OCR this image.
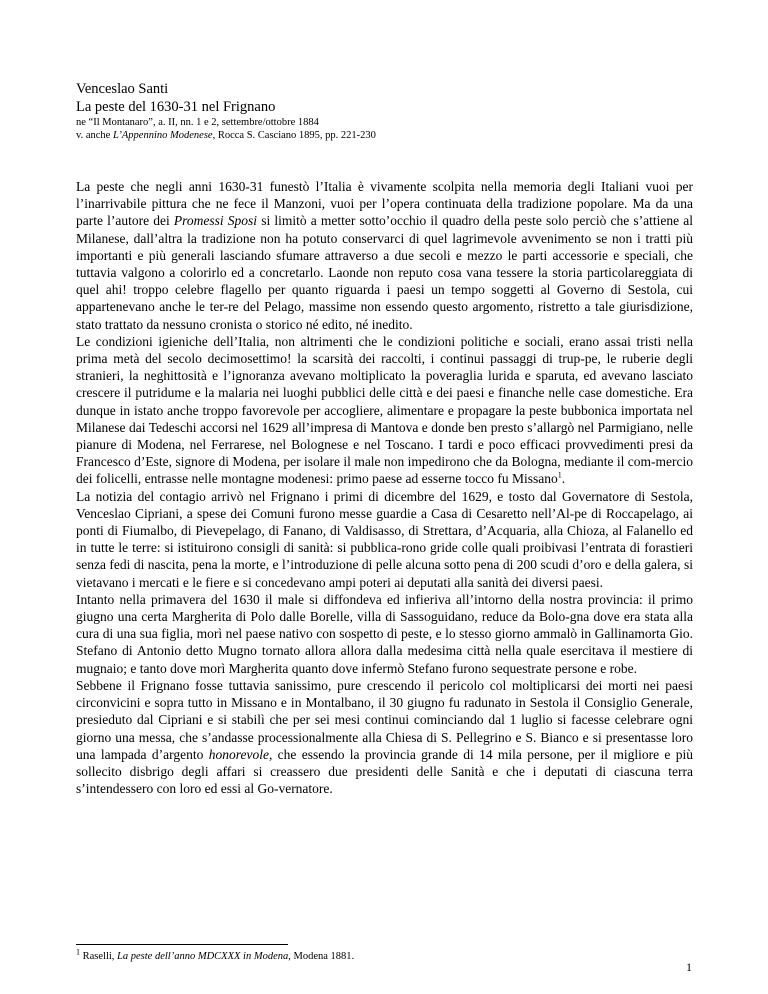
Venceslao Santi
La peste del 1630-31 nel Frignano
ne “Il Montanaro”, a. II, nn. 1 e 2, settembre/ottobre 1884
v. anche L’Appennino Modenese, Rocca S. Casciano 1895, pp. 221-230

La peste che negli anni 1630-31 funestò l’Italia è vivamente scolpita nella memoria degli Italiani vuoi per l’inarrivabile pittura che ne fece il Manzoni, vuoi per l’opera continuata della tradizione popolare. Ma da una parte l’autore dei Promessi Sposi si limitò a metter sotto’occhio il quadro della peste solo perciò che s’attiene al Milanese, dall’altra la tradizione non ha potuto conservarci di quel lagrimevole avvenimento se non i tratti più importanti e più generali lasciando sfumare attraverso a due secoli e mezzo le parti accessorie e speciali, che tuttavia valgono a colorirlo ed a concretarlo. Laonde non reputo cosa vana tessere la storia particolareggiata di quel ahi! troppo celebre flagello per quanto riguarda i paesi un tempo soggetti al Governo di Sestola, cui appartenevano anche le ter-re del Pelago, massime non essendo questo argomento, ristretto a tale giurisdizione, stato trattato da nessuno cronista o storico né edito, né inedito.

Le condizioni igieniche dell’Italia, non altrimenti che le condizioni politiche e sociali, erano assai tristi nella prima metà del secolo decimosettimo! la scarsità dei raccolti, i continui passaggi di trup-pe, le ruberie degli stranieri, la neghittosità e l’ignoranza avevano moltiplicato la poveraglia lurida e sparuta, ed avevano lasciato crescere il putridume e la malaria nei luoghi pubblici delle città e dei paesi e finanche nelle case domestiche. Era dunque in istato anche troppo favorevole per accogliere, alimentare e propagare la peste bubbonica importata nel Milanese dai Tedeschi accorsi nel 1629 all’impresa di Mantova e donde ben presto s’allargò nel Parmigiano, nelle pianure di Modena, nel Ferrarese, nel Bolognese e nel Toscano. I tardi e poco efficaci provvedimenti presi da Francesco d’Este, signore di Modena, per isolare il male non impedirono che da Bologna, mediante il com-mercio dei folicelli, entrasse nelle montagne modenesi: primo paese ad esserne tocco fu Missano$^1$.

La notizia del contagio arrivò nel Frignano i primi di dicembre del 1629, e tosto dal Governatore di Sestola, Venceslao Cipriani, a spese dei Comuni furono messe guardie a Casa di Cesaretto nell’Al-pe di Roccapelago, ai ponti di Fiumalbo, di Pievepelago, di Fanano, di Valdisasso, di Strettara, d’Acquaria, alla Chioza, al Falanello ed in tutte le terre: si istituirono consigli di sanità: si pubblica-rono gride colle quali proibivasi l’entrata di forastieri senza fedi di nascita, pena la morte, e l’introduzione di pelle alcuna sotto pena di 200 scudi d’oro e della galera, si vietavano i mercati e le fiere e si concedevano ampi poteri ai deputati alla sanità dei diversi paesi.

Intanto nella primavera del 1630 il male si diffondeva ed infieriva all’intorno della nostra provincia: il primo giugno una certa Margherita di Polo dalle Borelle, villa di Sassoguidano, reduce da Bolo-gna dove era stata alla cura di una sua figlia, morì nel paese nativo con sospetto di peste, e lo stesso giorno ammalò in Gallinamorta Gio. Stefano di Antonio detto Mugno tornato allora allora dalla medesima città nella quale esercitava il mestiere di mugnaio; e tanto dove morì Margherita quanto dove infermò Stefano furono sequestrate persone e robe.

Sebbene il Frignano fosse tuttavia sanissimo, pure crescendo il pericolo col moltiplicarsi dei morti nei paesi circonvicini e sopra tutto in Missano e in Montalbano, il 30 giugno fu radunato in Sestola il Consiglio Generale, presieduto dal Cipriani e si stabilì che per sei mesi continui cominciando dal 1 luglio si facesse celebrare ogni giorno una messa, che s’andasse processionalmente alla Chiesa di S. Pellegrino e S. Bianco e si presentasse loro una lampada d’argento honorevole, che essendo la provincia grande di 14 mila persone, per il migliore e più sollecito disbrigo degli affari si creassero due presidenti delle Sanità e che i deputati di ciascuna terra s’intendessero con loro ed essi al Go-vernatore.

$^1$ Raselli, La peste dell’anno MDCXXX in Modena, Modena 1881.
1
